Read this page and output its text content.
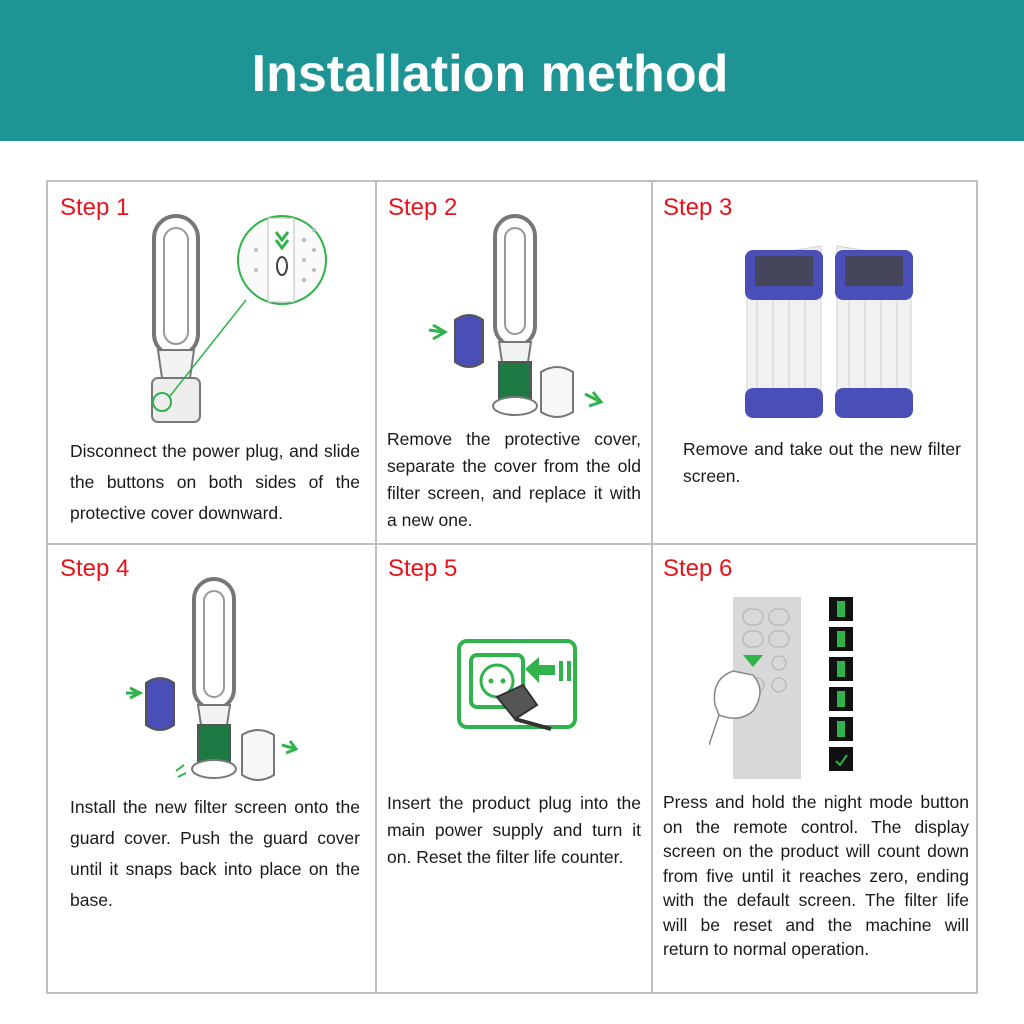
Installation method
Step 1
Disconnect the power plug, and slide the buttons on both sides of the protective cover downward.
Step 2
Remove the protective cover, separate the cover from the old filter screen, and replace it with a new one.
Step 3
Remove and take out the new filter screen.
Step 4
Install the new filter screen onto the guard cover. Push the guard cover until it snaps back into place on the base.
Step 5
Insert the product plug into the main power supply and turn it on. Reset the filter life counter.
Step 6
Press and hold the night mode button on the remote control. The display screen on the product will count down from five until it reaches zero, ending with the default screen. The filter life will be reset and the machine will return to normal operation.
